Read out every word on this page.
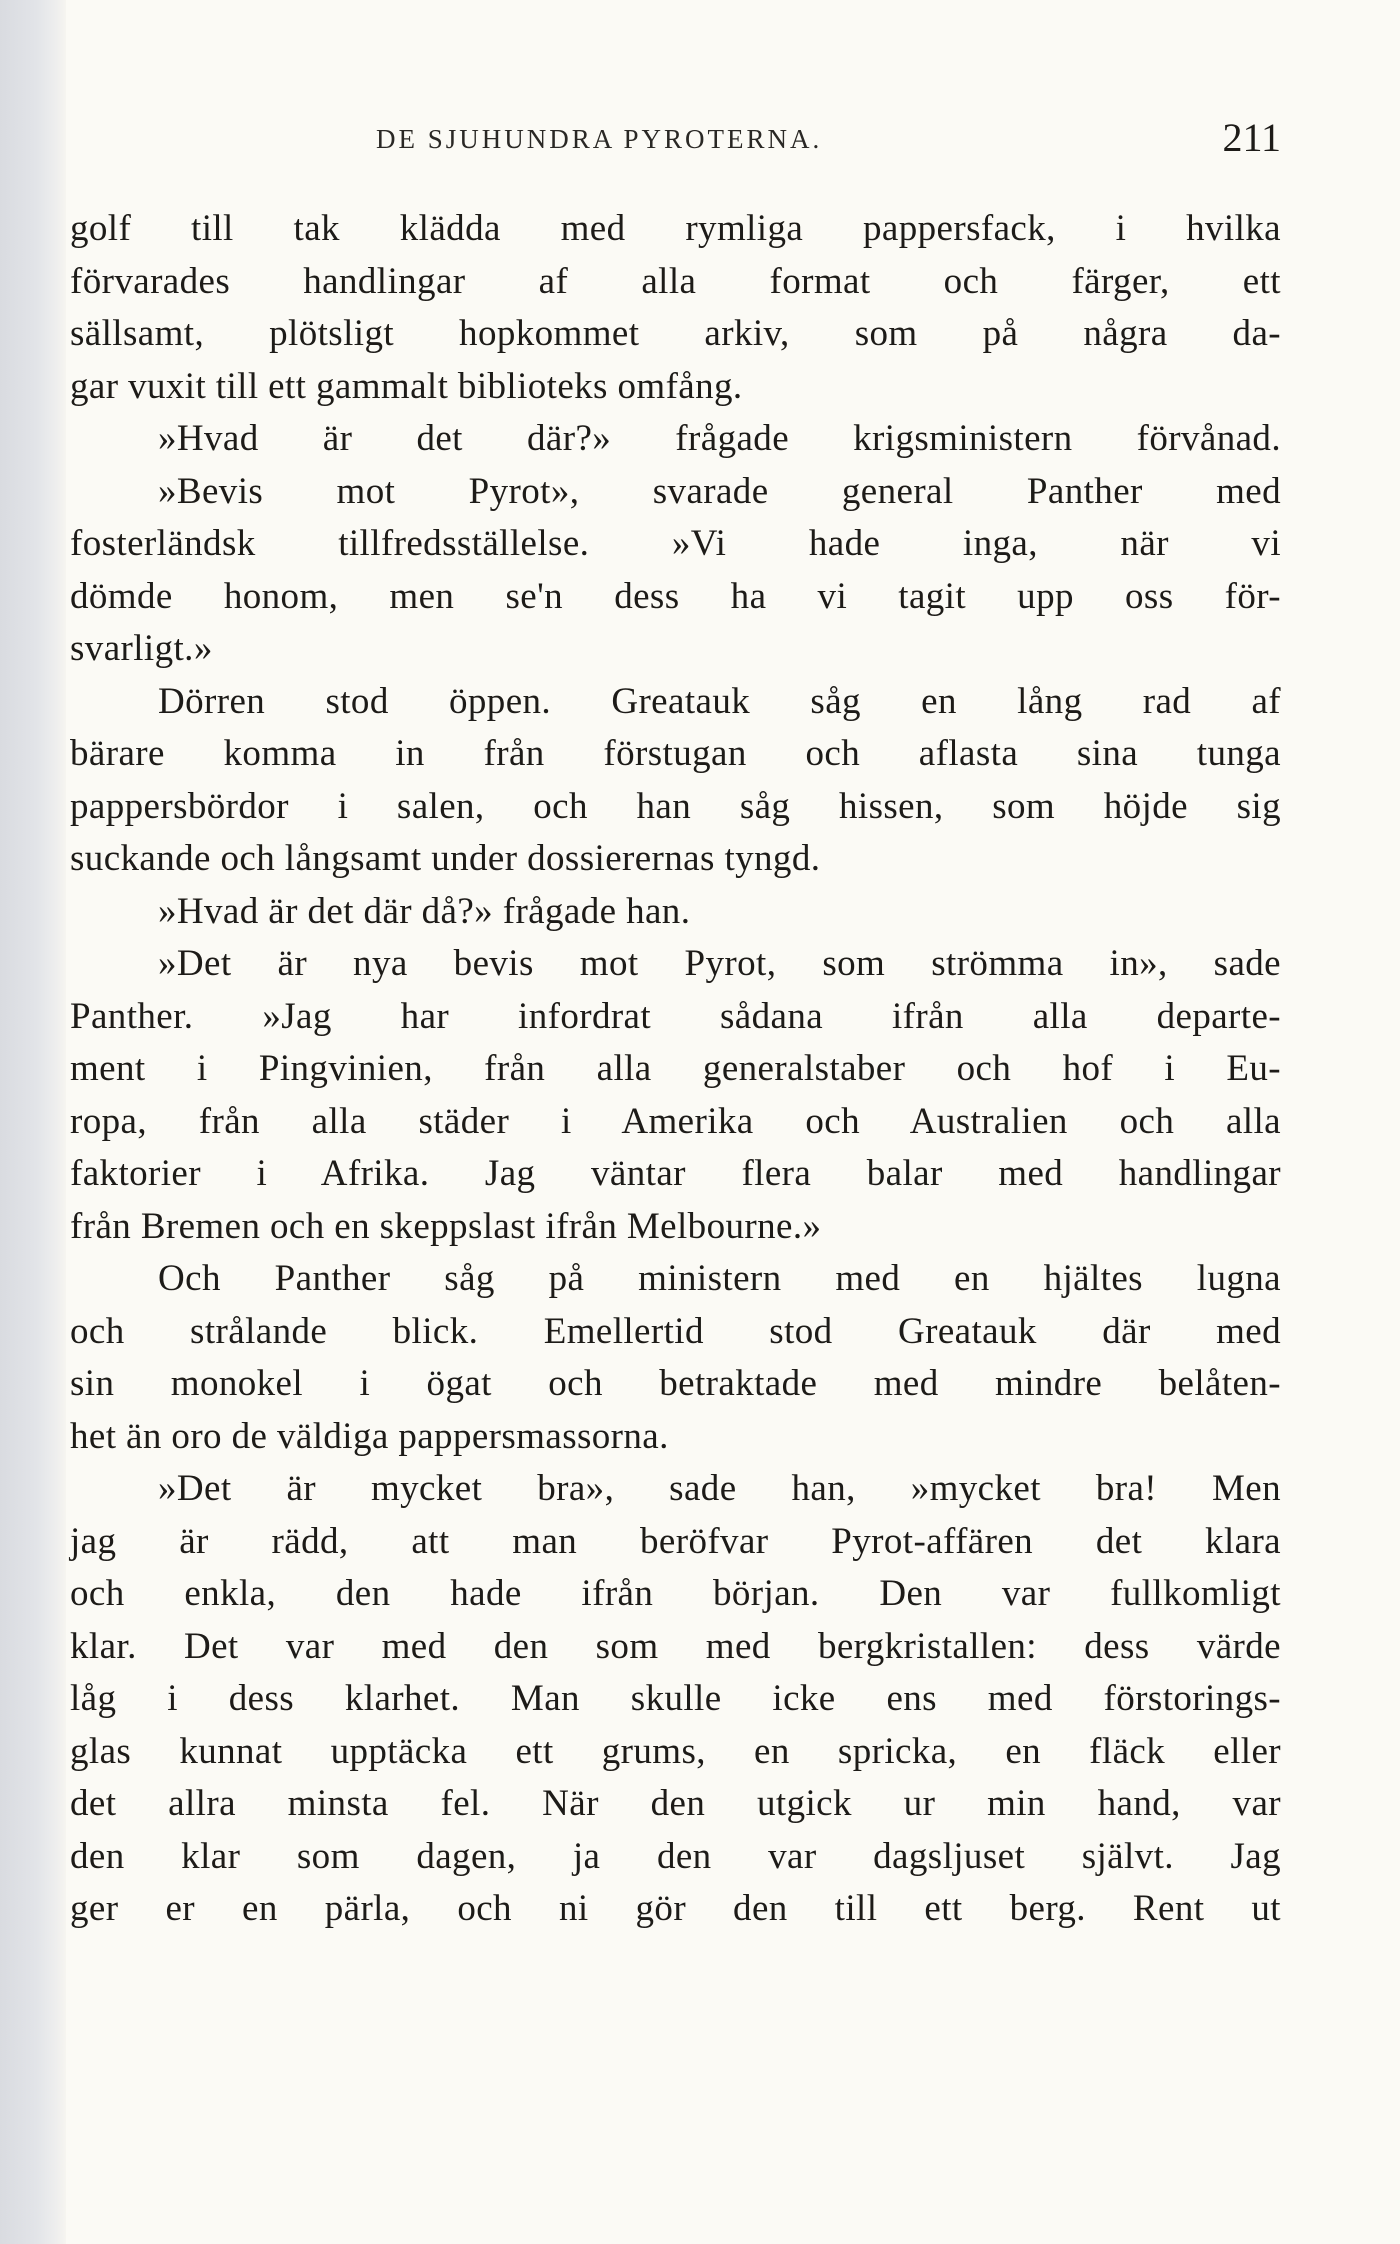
DE SJUHUNDRA PYROTERNA.	211
golf till tak klädda med rymliga pappersfack, i hvilka
förvarades handlingar af alla format och färger, ett
sällsamt, plötsligt hopkommet arkiv, som på några da-
gar vuxit till ett gammalt biblioteks omfång.
»Hvad är det där?» frågade krigsministern förvånad.
»Bevis mot Pyrot», svarade general Panther med
fosterländsk tillfredsställelse. »Vi hade inga, när vi
dömde honom, men se'n dess ha vi tagit upp oss för-
svarligt.»
Dörren stod öppen. Greatauk såg en lång rad af
bärare komma in från förstugan och aflasta sina tunga
pappersbördor i salen, och han såg hissen, som höjde sig
suckande och långsamt under dossierernas tyngd.
»Hvad är det där då?» frågade han.
»Det är nya bevis mot Pyrot, som strömma in», sade
Panther. »Jag har infordrat sådana ifrån alla departe-
ment i Pingvinien, från alla generalstaber och hof i Eu-
ropa, från alla städer i Amerika och Australien och alla
faktorier i Afrika. Jag väntar flera balar med handlingar
från Bremen och en skeppslast ifrån Melbourne.»
Och Panther såg på ministern med en hjältes lugna
och strålande blick. Emellertid stod Greatauk där med
sin monokel i ögat och betraktade med mindre belåten-
het än oro de väldiga pappersmassorna.
»Det är mycket bra», sade han, »mycket bra! Men
jag är rädd, att man beröfvar Pyrot-affären det klara
och enkla, den hade ifrån början. Den var fullkomligt
klar. Det var med den som med bergkristallen: dess värde
låg i dess klarhet. Man skulle icke ens med förstorings-
glas kunnat upptäcka ett grums, en spricka, en fläck eller
det allra minsta fel. När den utgick ur min hand, var
den klar som dagen, ja den var dagsljuset självt. Jag
ger er en pärla, och ni gör den till ett berg. Rent ut
